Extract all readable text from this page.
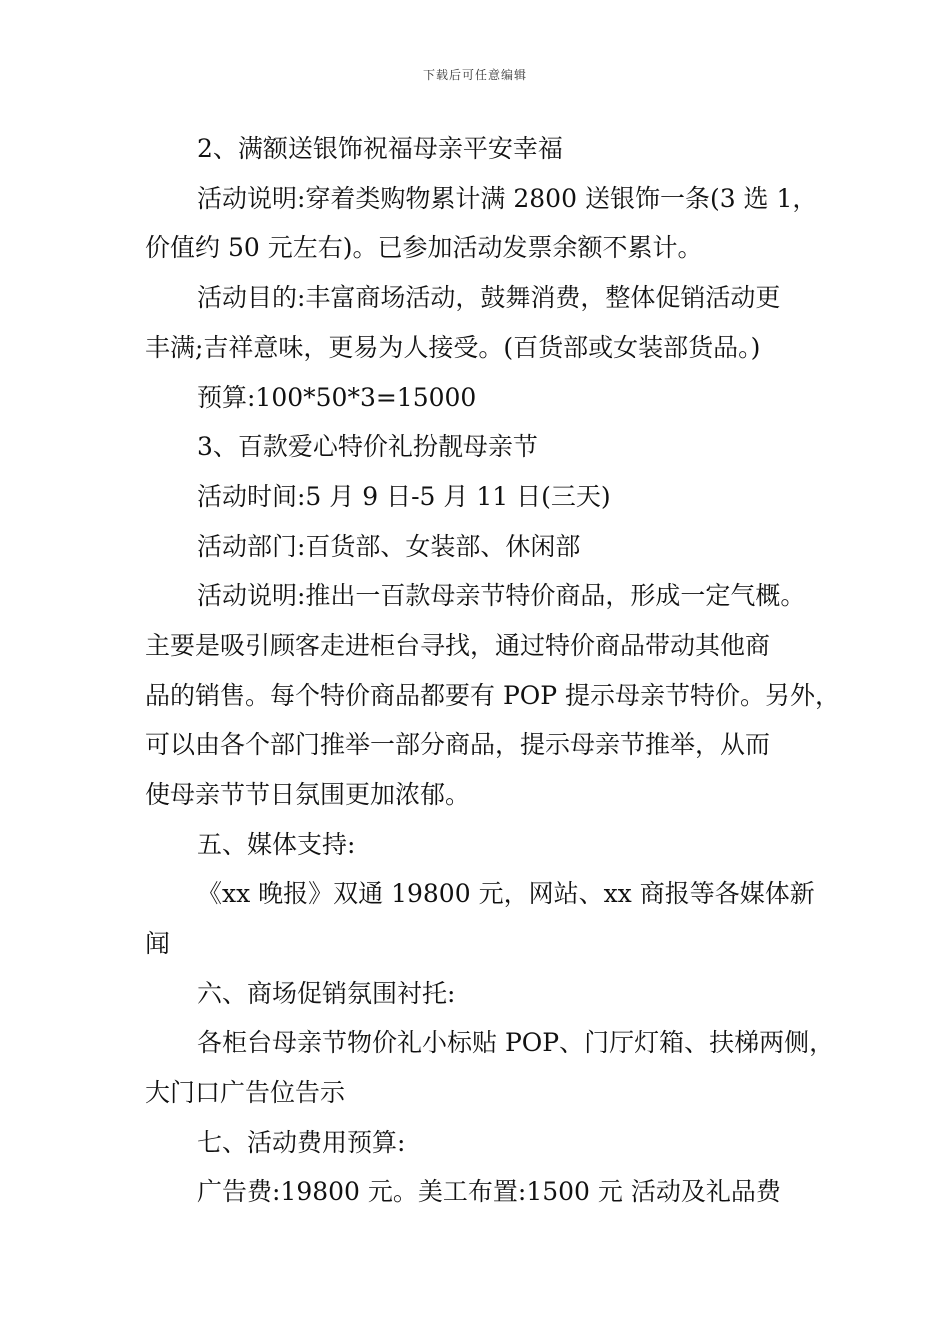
下载后可任意编辑
2、满额送银饰祝福母亲平安幸福
活动说明:穿着类购物累计满 2800 送银饰一条(3 选 1，
价值约 50 元左右)。已参加活动发票余额不累计。
活动目的:丰富商场活动，鼓舞消费，整体促销活动更
丰满;吉祥意味，更易为人接受。(百货部或女装部货品。)
预算:100*50*3=15000
3、百款爱心特价礼扮靓母亲节
活动时间:5 月 9 日-5 月 11 日(三天)
活动部门:百货部、女装部、休闲部
活动说明:推出一百款母亲节特价商品，形成一定气概。
主要是吸引顾客走进柜台寻找，通过特价商品带动其他商
品的销售。每个特价商品都要有 POP 提示母亲节特价。另外，
可以由各个部门推举一部分商品，提示母亲节推举，从而
使母亲节节日氛围更加浓郁。
五、媒体支持:
《xx 晚报》双通 19800 元，网站、xx 商报等各媒体新
闻
六、商场促销氛围衬托:
各柜台母亲节物价礼小标贴 POP、门厅灯箱、扶梯两侧，
大门口广告位告示
七、活动费用预算:
广告费:19800 元。美工布置:1500 元 活动及礼品费
